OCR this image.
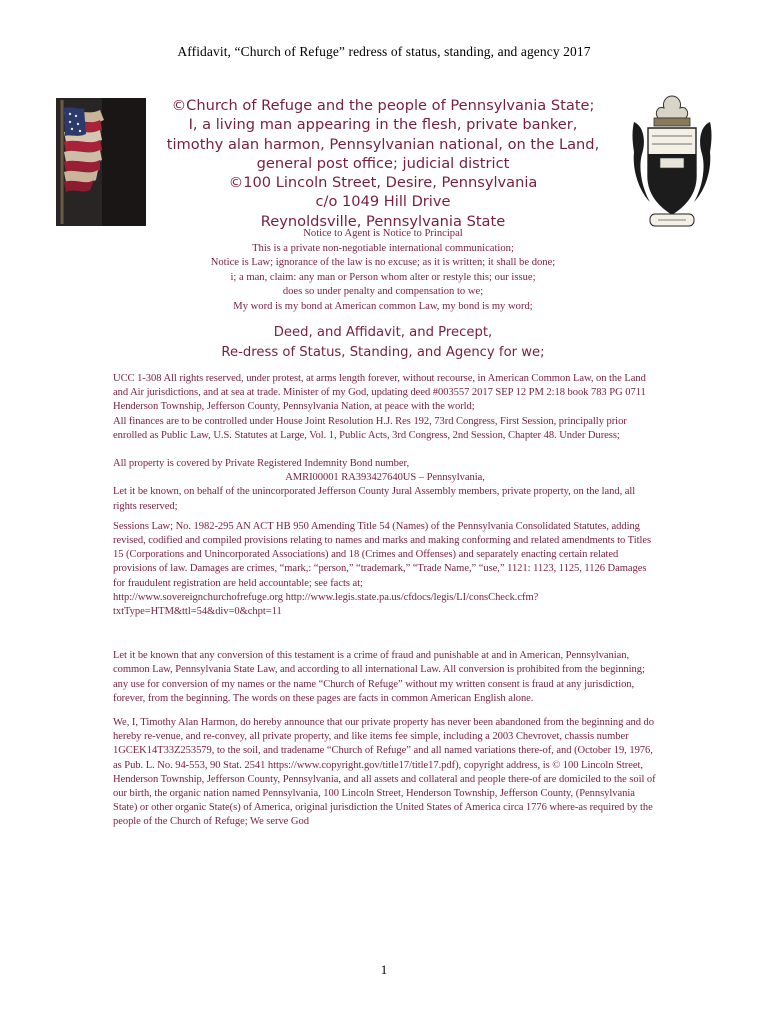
Affidavit, “Church of Refuge” redress of status, standing, and agency 2017
©Church of Refuge and the people of Pennsylvania State;
I, a living man appearing in the flesh, private banker,
timothy alan harmon, Pennsylvanian national, on the Land,
general post office; judicial district
©100 Lincoln Street, Desire, Pennsylvania
c/o 1049 Hill Drive
Reynoldsville, Pennsylvania State
Notice to Agent is Notice to Principal
This is a private non-negotiable international communication;
Notice is Law; ignorance of the law is no excuse; as it is written; it shall be done;
i; a man, claim: any man or Person whom alter or restyle this; our issue;
does so under penalty and compensation to we;
My word is my bond at American common Law, my bond is my word;
Deed, and Affidavit, and Precept,
Re-dress of Status, Standing, and Agency for we;

UCC 1-308 All rights reserved, under protest, at arms length forever, without recourse, in American Common Law, on the Land and Air jurisdictions, and at sea at trade. Minister of my God, updating deed #003557 2017 SEP 12 PM 2:18 book 783 PG 0711 Henderson Township, Jefferson County, Pennsylvania Nation, at peace with the world;

All finances are to be controlled under House Joint Resolution H.J. Res 192, 73rd Congress, First Session, principally prior enrolled as Public Law, U.S. Statutes at Large, Vol. 1, Public Acts, 3rd Congress, 2nd Session, Chapter 48. Under Duress;

All property is covered by Private Registered Indemnity Bond number,

AMRI00001 RA393427640US – Pennsylvania,

Let it be known, on behalf of the unincorporated Jefferson County Jural Assembly members, private property, on the land, all rights reserved;

Sessions Law; No. 1982-295 AN ACT HB 950 Amending Title 54 (Names) of the Pennsylvania Consolidated Statutes, adding revised, codified and compiled provisions relating to names and marks and making conforming and related amendments to Titles 15 (Corporations and Unincorporated Associations) and 18 (Crimes and Offenses) and separately enacting certain related provisions of law. Damages are crimes, “mark,: “person,” “trademark,” “Trade Name,” “use,” 1121: 1123, 1125, 1126 Damages for fraudulent registration are held accountable; see facts at;

http://www.sovereignchurchofrefuge.org http://www.legis.state.pa.us/cfdocs/legis/LI/consCheck.cfm?txtType=HTM&ttl=54&div=0&chpt=11

Let it be known that any conversion of this testament is a crime of fraud and punishable at and in American, Pennsylvanian, common Law, Pennsylvania State Law, and according to all international Law. All conversion is prohibited from the beginning; any use for conversion of my names or the name “Church of Refuge” without my written consent is fraud at any jurisdiction, forever, from the beginning. The words on these pages are facts in common American English alone.

We, I, Timothy Alan Harmon, do hereby announce that our private property has never been abandoned from the beginning and do hereby re-venue, and re-convey, all private property, and like items fee simple, including a 2003 Chevrovet, chassis number 1GCEK14T33Z253579, to the soil, and tradename “Church of Refuge” and all named variations there-of, and (October 19, 1976, as Pub. L. No. 94-553, 90 Stat. 2541 https://www.copyright.gov/title17/title17.pdf), copyright address, is © 100 Lincoln Street, Henderson Township, Jefferson County, Pennsylvania, and all assets and collateral and people there-of are domiciled to the soil of our birth, the organic nation named Pennsylvania, 100 Lincoln Street, Henderson Township, Jefferson County, (Pennsylvania State) or other organic State(s) of America, original jurisdiction the United States of America circa 1776 where-as required by the people of the Church of Refuge; We serve God

1
